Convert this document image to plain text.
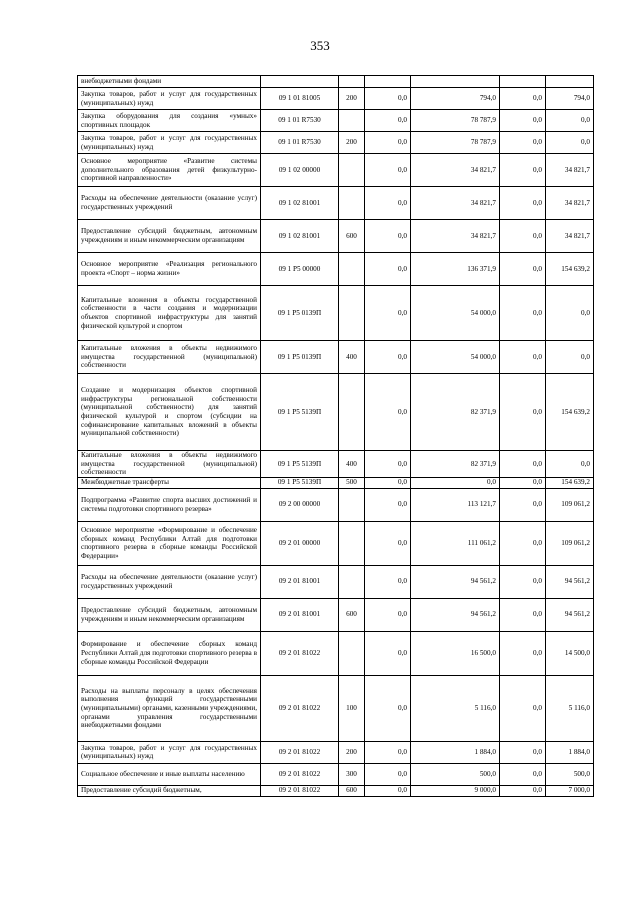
353
внебюджетными фондами						
Закупка товаров, работ и услуг для государственных (муниципальных) нужд	09 1 01 81005	200	0,0	794,0	0,0	794,0
Закупка оборудования для создания «умных» спортивных площадок	09 1 01 R7530		0,0	78 787,9	0,0	0,0
Закупка товаров, работ и услуг для государственных (муниципальных) нужд	09 1 01 R7530	200	0,0	78 787,9	0,0	0,0
Основное мероприятие «Развитие системы дополнительного образования детей физкультурно-спортивной направленности»	09 1 02 00000		0,0	34 821,7	0,0	34 821,7
Расходы на обеспечение деятельности (оказание услуг) государственных учреждений	09 1 02 81001		0,0	34 821,7	0,0	34 821,7
Предоставление субсидий бюджетным, автономным учреждениям и иным некоммерческим организациям	09 1 02 81001	600	0,0	34 821,7	0,0	34 821,7
Основное мероприятие «Реализация регионального проекта «Спорт – норма жизни»	09 1 P5 00000		0,0	136 371,9	0,0	154 639,2
Капитальные вложения в объекты государственной собственности в части создания и модернизации объектов спортивной инфраструктуры для занятий физической культурой и спортом	09 1 P5 0139П		0,0	54 000,0	0,0	0,0
Капитальные вложения в объекты недвижимого имущества государственной (муниципальной) собственности	09 1 P5 0139П	400	0,0	54 000,0	0,0	0,0
Создание и модернизация объектов спортивной инфраструктуры региональной собственности (муниципальной собственности) для занятий физической культурой и спортом (субсидии на софинансирование капитальных вложений в объекты муниципальной собственности)	09 1 P5 5139П		0,0	82 371,9	0,0	154 639,2
Капитальные вложения в объекты недвижимого имущества государственной (муниципальной) собственности	09 1 P5 5139П	400	0,0	82 371,9	0,0	0,0
Межбюджетные трансферты	09 1 P5 5139П	500	0,0	0,0	0,0	154 639,2
Подпрограмма «Развитие спорта высших достижений и системы подготовки спортивного резерва»	09 2 00 00000		0,0	113 121,7	0,0	109 061,2
Основное мероприятие «Формирование и обеспечение сборных команд Республики Алтай для подготовки спортивного резерва в сборные команды Российской Федерации»	09 2 01 00000		0,0	111 061,2	0,0	109 061,2
Расходы на обеспечение деятельности (оказание услуг) государственных учреждений	09 2 01 81001		0,0	94 561,2	0,0	94 561,2
Предоставление субсидий бюджетным, автономным учреждениям и иным некоммерческим организациям	09 2 01 81001	600	0,0	94 561,2	0,0	94 561,2
Формирование и обеспечение сборных команд Республики Алтай для подготовки спортивного резерва в сборные команды Российской Федерации	09 2 01 81022		0,0	16 500,0	0,0	14 500,0
Расходы на выплаты персоналу в целях обеспечения выполнения функций государственными (муниципальными) органами, казенными учреждениями, органами управления государственными внебюджетными фондами	09 2 01 81022	100	0,0	5 116,0	0,0	5 116,0
Закупка товаров, работ и услуг для государственных (муниципальных) нужд	09 2 01 81022	200	0,0	1 884,0	0,0	1 884,0
Социальное обеспечение и иные выплаты населению	09 2 01 81022	300	0,0	500,0	0,0	500,0
Предоставление субсидий бюджетным,	09 2 01 81022	600	0,0	9 000,0	0,0	7 000,0
